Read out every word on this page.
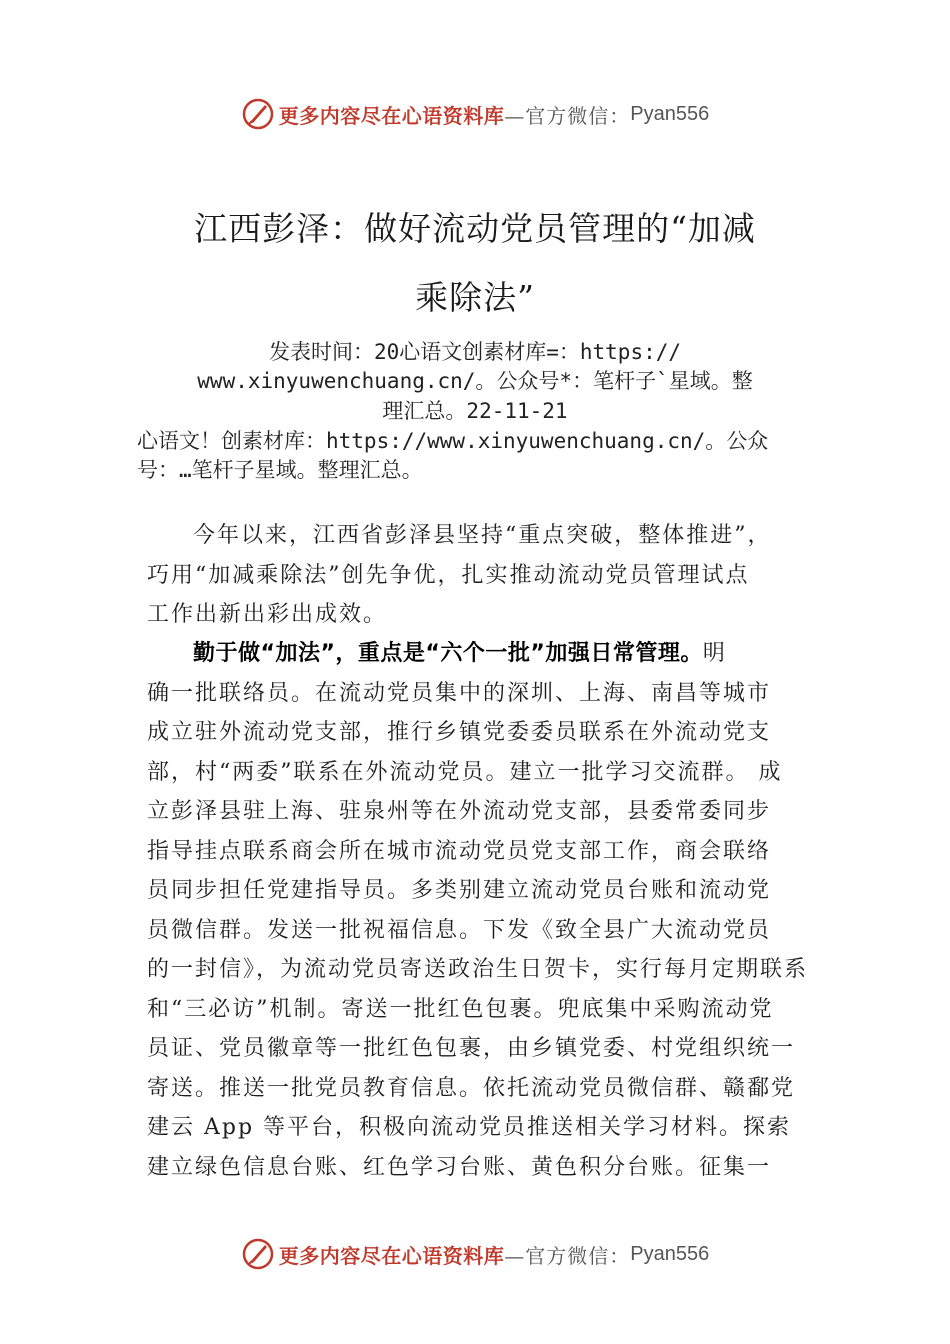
更多内容尽在心语资料库 —官方微信： Pyan556
江西彭泽：做好流动党员管理的“加减
乘除法”
发表时间：20心语文创素材库=：https://
www.xinyuwenchuang.cn/。公众号*：笔杆子`星域。整
理汇总。22-11-21
心语文！创素材库：https://www.xinyuwenchuang.cn/。公众
号：…笔杆子星域。整理汇总。
今年以来，江西省彭泽县坚持“重点突破，整体推进”，
巧用“加减乘除法”创先争优，扎实推动流动党员管理试点
工作出新出彩出成效。
勤于做“加法”，重点是“六个一批”加强日常管理。明
确一批联络员。在流动党员集中的深圳、上海、南昌等城市
成立驻外流动党支部，推行乡镇党委委员联系在外流动党支
部，村“两委”联系在外流动党员。建立一批学习交流群。 成
立彭泽县驻上海、驻泉州等在外流动党支部，县委常委同步
指导挂点联系商会所在城市流动党员党支部工作，商会联络
员同步担任党建指导员。多类别建立流动党员台账和流动党
员微信群。发送一批祝福信息。下发《致全县广大流动党员
的一封信》，为流动党员寄送政治生日贺卡，实行每月定期联系
和“三必访”机制。寄送一批红色包裹。兜底集中采购流动党
员证、党员徽章等一批红色包裹，由乡镇党委、村党组织统一
寄送。推送一批党员教育信息。依托流动党员微信群、赣鄱党
建云 App 等平台，积极向流动党员推送相关学习材料。探索
建立绿色信息台账、红色学习台账、黄色积分台账。征集一
更多内容尽在心语资料库 —官方微信： Pyan556
